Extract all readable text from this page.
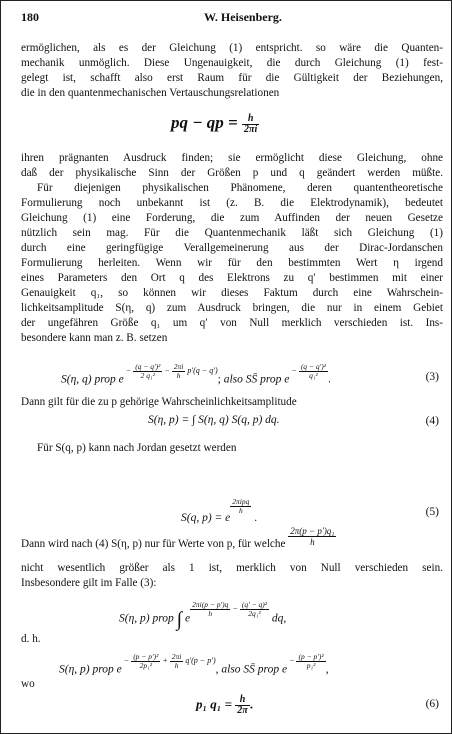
180	W. Heisenberg.
ermöglichen, als es der Gleichung (1) entspricht. so wäre die Quanten-
mechanik unmöglich. Diese Ungenauigkeit, die durch Gleichung (1) fest-
gelegt ist, schafft also erst Raum für die Gültigkeit der Beziehungen,
die in den quantenmechanischen Vertauschungsrelationen
pq − qp = $\frac{h}{2\pi i}$
ihren prägnanten Ausdruck finden; sie ermöglicht diese Gleichung, ohne
daß der physikalische Sinn der Größen p und q geändert werden müßte.
Für diejenigen physikalischen Phänomene, deren quantentheoretische
Formulierung noch unbekannt ist (z. B. die Elektrodynamik), bedeutet
Gleichung (1) eine Forderung, die zum Auffinden der neuen Gesetze
nützlich sein mag. Für die Quantenmechanik läßt sich Gleichung (1)
durch eine geringfügige Verallgemeinerung aus der Dirac-Jordanschen
Formulierung herleiten. Wenn wir für den bestimmten Wert η irgend
eines Parameters den Ort q des Elektrons zu q′ bestimmen mit einer
Genauigkeit q₁, so können wir dieses Faktum durch eine Wahrschein-
lichkeitsamplitude S(η, q) zum Ausdruck bringen, die nur in einem Gebiet
der ungefähren Größe q₁ um q′ von Null merklich verschieden ist. Ins-
besondere kann man z. B. setzen
S(η, q) prop e $^{- \frac{\text{(q − q′)²}}{\text{2 q₁²}} - \frac{2\pi i}{h} p'(q - q')}$; also SS̄ prop e $^{- \frac{\text{(q − q′)²}}{\text{q₁²}}}$ .	(3)
Dann gilt für die zu p gehörige Wahrscheinlichkeitsamplitude
S(η, p) = ∫ S(η, q) S(q, p) dq.	(4)
Für S(q, p) kann nach Jordan gesetzt werden
S(q, p) = e
$\frac{\text{2πipq}}{h}$
.
(5)
Dann wird nach (4) S(η, p) nur für Werte von p, für welche $\frac{\text{2π(p − p′)q₁}}{h}$
nicht wesentlich größer als 1 ist, merklich von Null verschieden sein.
Insbesondere gilt im Falle (3):
S(η, p) prop ∫ e
$^{\frac{2\pi i(p - p')q}{h} - \frac{\text{(q′ − q)²}}{\text{2q₁²}}}$
dq,
d. h.
S(η, p) prop e $^{- \frac{\text{(p − p′)²}}{\text{2p₁²}} + \frac{2\pi i}{h} q'(p - p')}$, also SS̄ prop e $^{- \frac{\text{(p − p′)²}}{\text{p₁²}}}$ ,
wo
p₁ $q_1 = \frac{h}{2\pi}$ .	(6)
